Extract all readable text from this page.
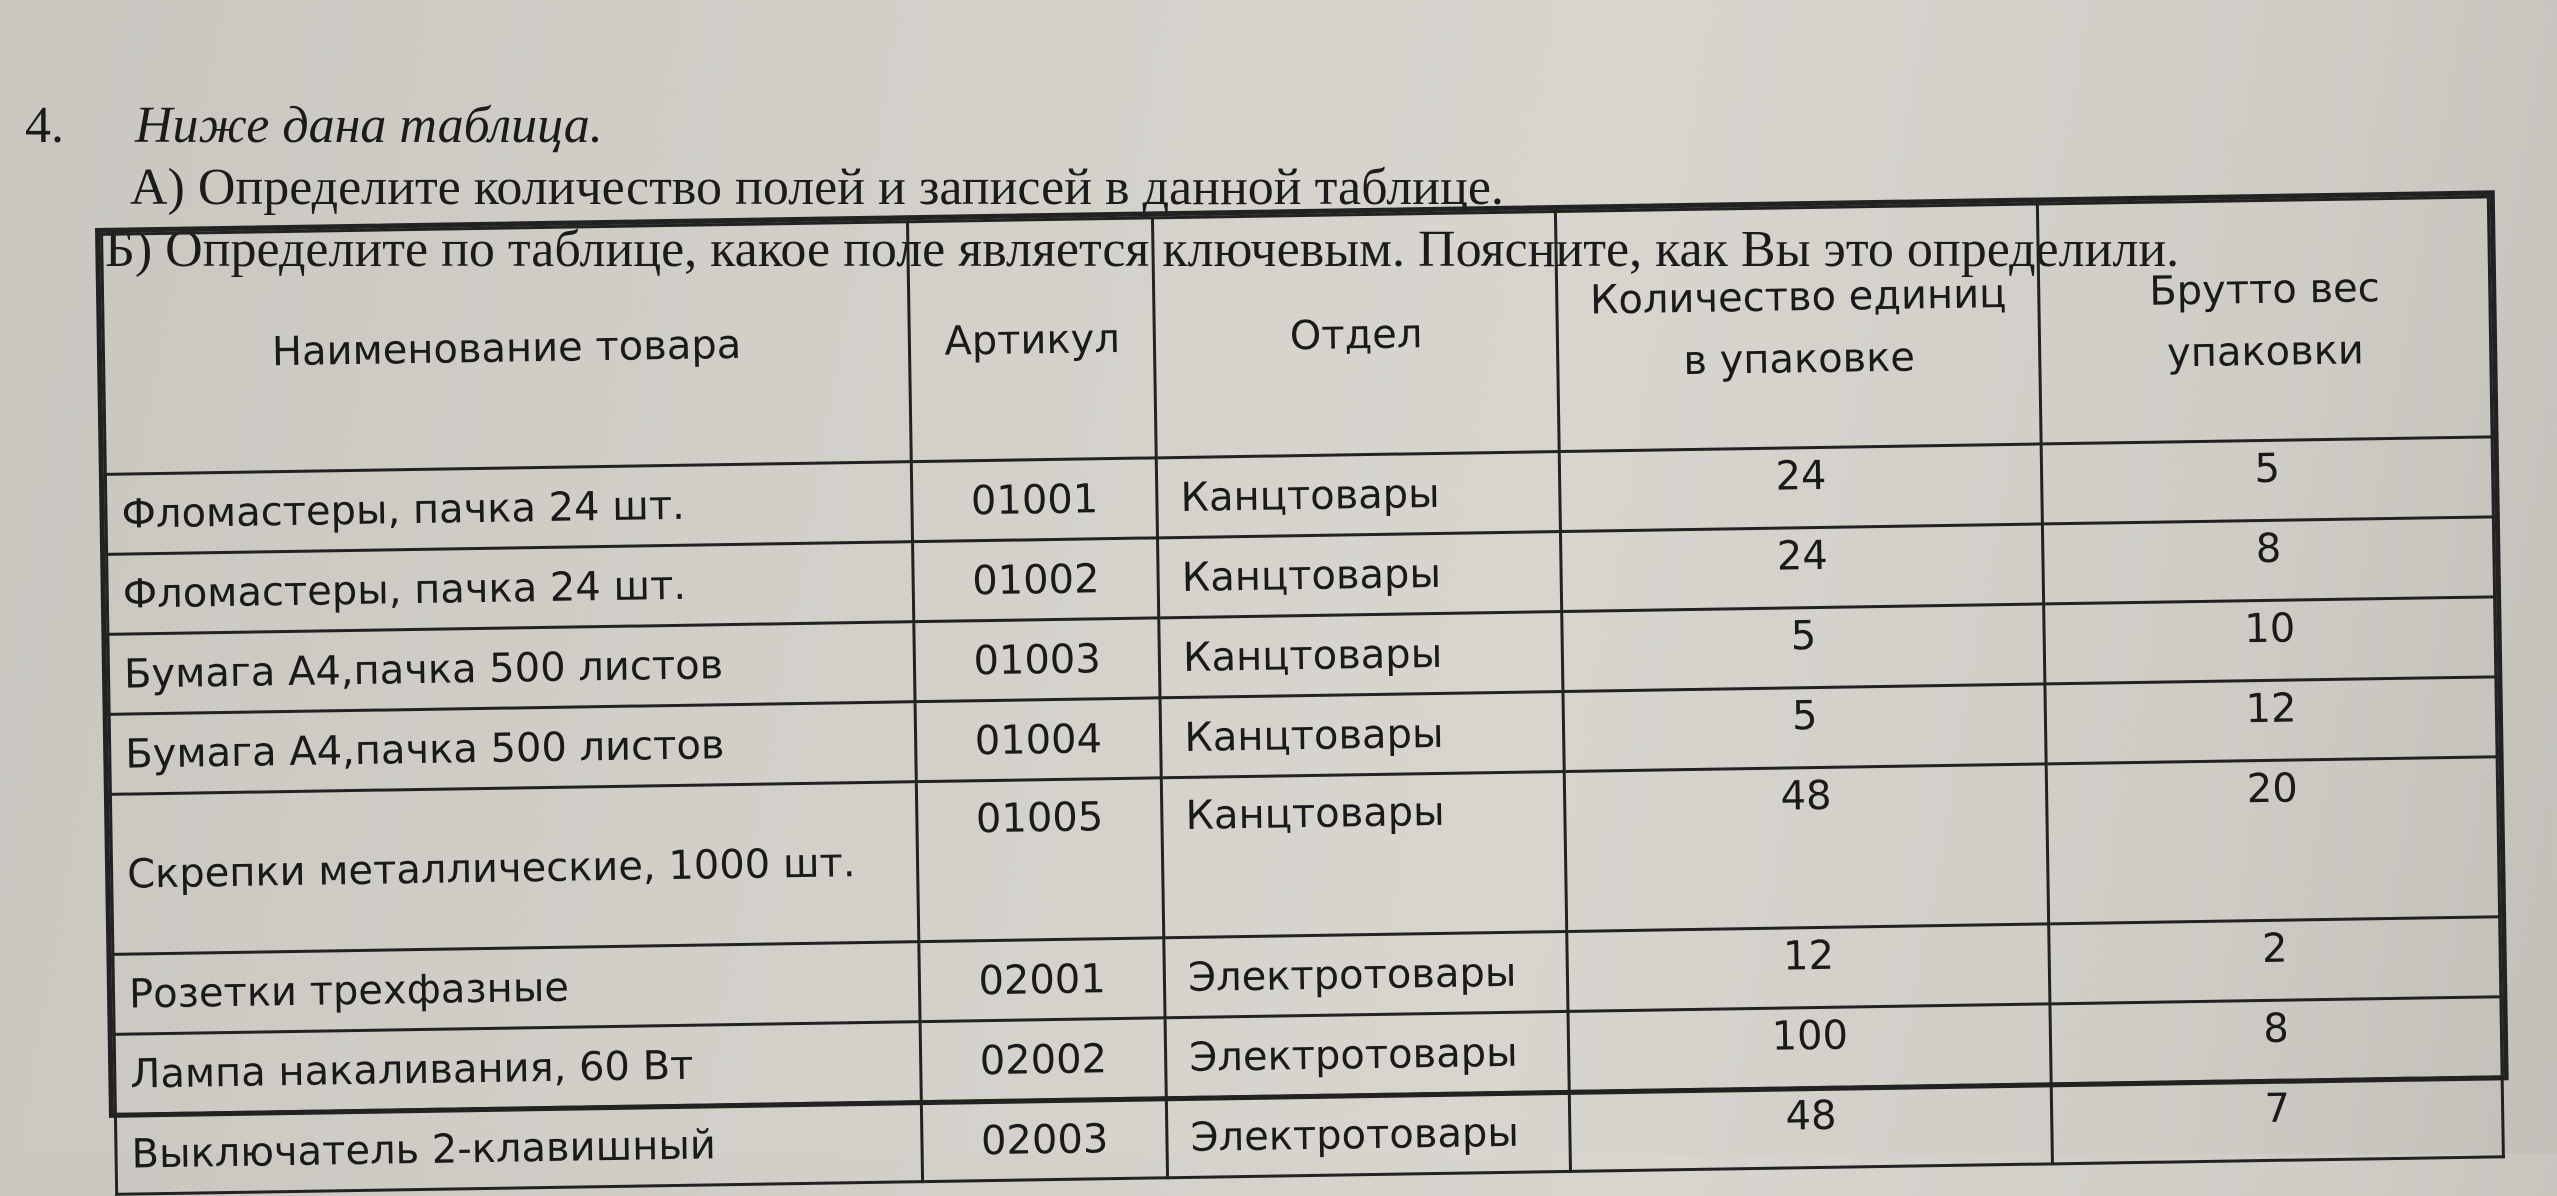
4. Ниже дана таблица.
А) Определите количество полей и записей в данной таблице.
Б) Определите по таблице, какое поле является ключевым. Поясните, как Вы это определили.
Наименование товара	Артикул	Отдел	Количество единиц в упаковке	Брутто вес упаковки
Фломастеры, пачка 24 шт.	01001	Канцтовары	24	5
Фломастеры, пачка 24 шт.	01002	Канцтовары	24	8
Бумага А4,пачка 500 листов	01003	Канцтовары	5	10
Бумага А4,пачка 500 листов	01004	Канцтовары	5	12
Скрепки металлические, 1000 шт.	01005	Канцтовары	48	20
Розетки трехфазные	02001	Электротовары	12	2
Лампа накаливания, 60 Вт	02002	Электротовары	100	8
Выключатель 2-клавишный	02003	Электротовары	48	7
